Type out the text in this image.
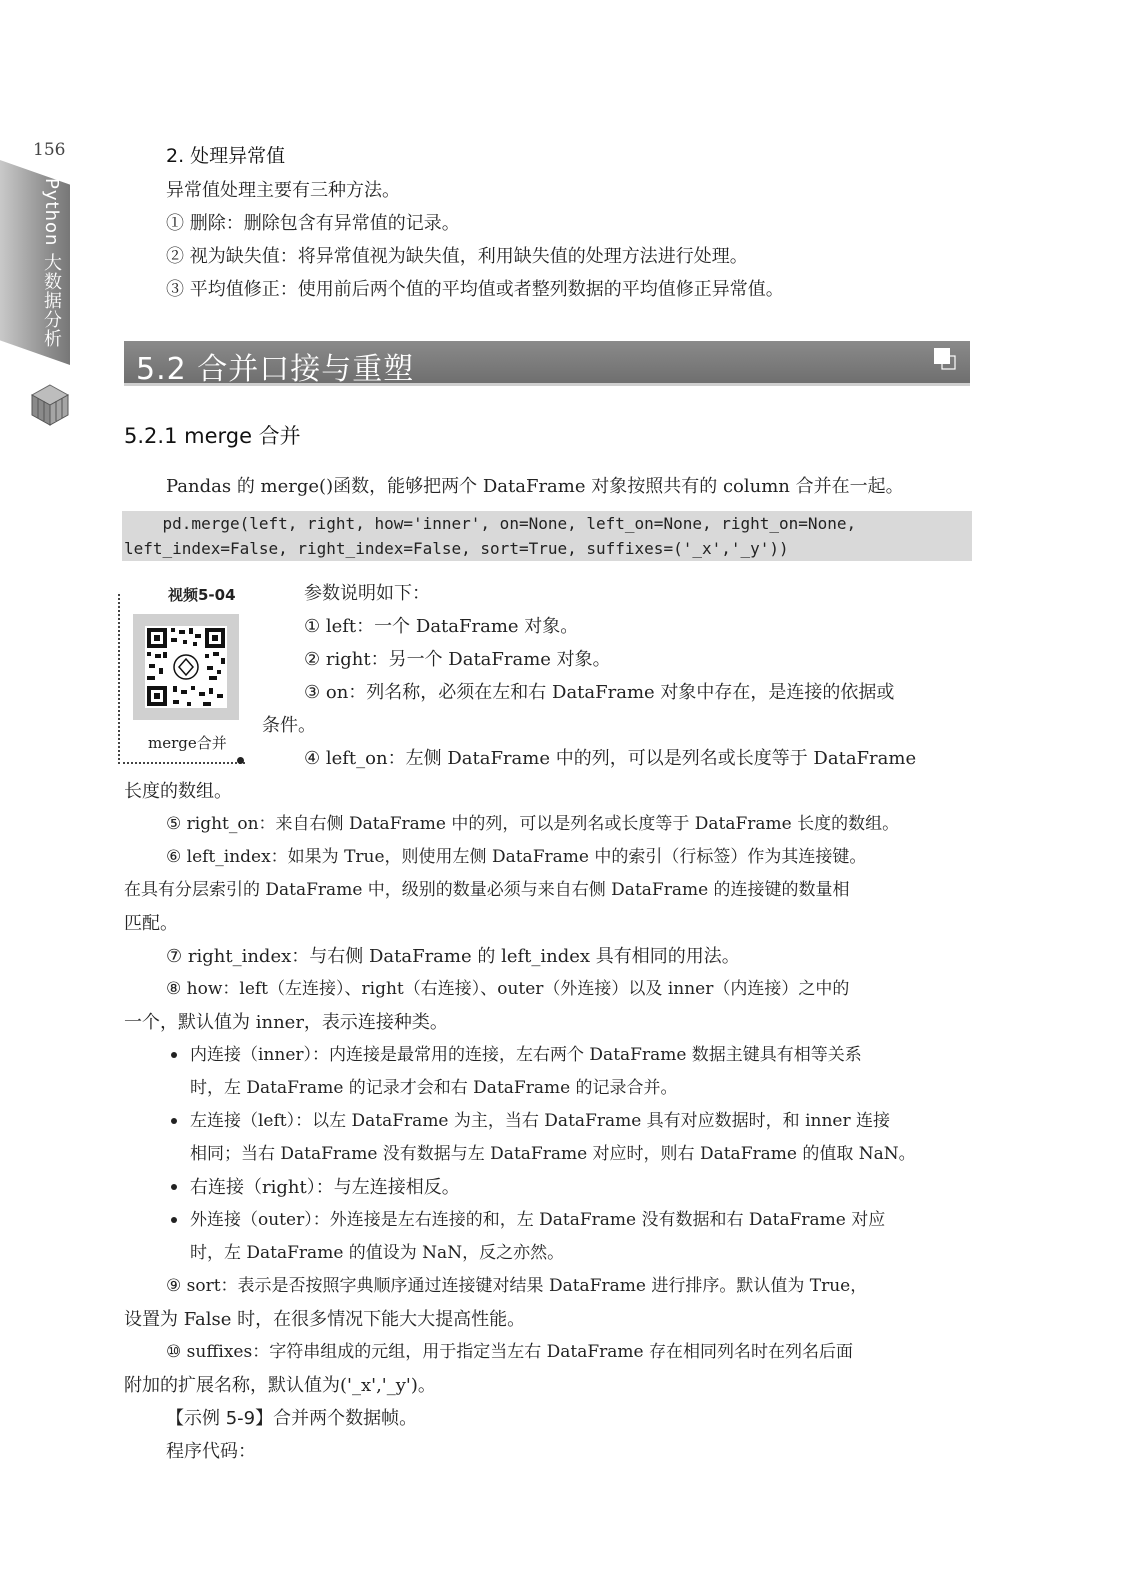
156
Python 大数据分析
2. 处理异常值
异常值处理主要有三种方法。
① 删除：删除包含有异常值的记录。
② 视为缺失值：将异常值视为缺失值，利用缺失值的处理方法进行处理。
③ 平均值修正：使用前后两个值的平均值或者整列数据的平均值修正异常值。
5.2 合并口接与重塑
5.2.1 merge 合并
Pandas 的 merge()函数，能够把两个 DataFrame 对象按照共有的 column 合并在一起。
pd.merge(left, right, how='inner', on=None, left_on=None, right_on=None,
left_index=False, right_index=False, sort=True, suffixes=('_x','_y'))
视频5-04
merge合并
参数说明如下：
① left：一个 DataFrame 对象。
② right：另一个 DataFrame 对象。
③ on：列名称，必须在左和右 DataFrame 对象中存在，是连接的依据或
条件。
④ left_on：左侧 DataFrame 中的列，可以是列名或长度等于 DataFrame
长度的数组。
⑤ right_on：来自右侧 DataFrame 中的列，可以是列名或长度等于 DataFrame 长度的数组。
⑥ left_index：如果为 True，则使用左侧 DataFrame 中的索引（行标签）作为其连接键。
在具有分层索引的 DataFrame 中，级别的数量必须与来自右侧 DataFrame 的连接键的数量相
匹配。
⑦ right_index：与右侧 DataFrame 的 left_index 具有相同的用法。
⑧ how：left（左连接）、right（右连接）、outer（外连接）以及 inner（内连接）之中的
一个，默认值为 inner，表示连接种类。
内连接（inner）：内连接是最常用的连接，左右两个 DataFrame 数据主键具有相等关系
时，左 DataFrame 的记录才会和右 DataFrame 的记录合并。
左连接（left）：以左 DataFrame 为主，当右 DataFrame 具有对应数据时，和 inner 连接
相同；当右 DataFrame 没有数据与左 DataFrame 对应时，则右 DataFrame 的值取 NaN。
右连接（right）：与左连接相反。
外连接（outer）：外连接是左右连接的和，左 DataFrame 没有数据和右 DataFrame 对应
时，左 DataFrame 的值设为 NaN，反之亦然。
⑨ sort：表示是否按照字典顺序通过连接键对结果 DataFrame 进行排序。默认值为 True，
设置为 False 时，在很多情况下能大大提高性能。
⑩ suffixes：字符串组成的元组，用于指定当左右 DataFrame 存在相同列名时在列名后面
附加的扩展名称，默认值为('_x','_y')。
【示例 5-9】合并两个数据帧。
程序代码：
